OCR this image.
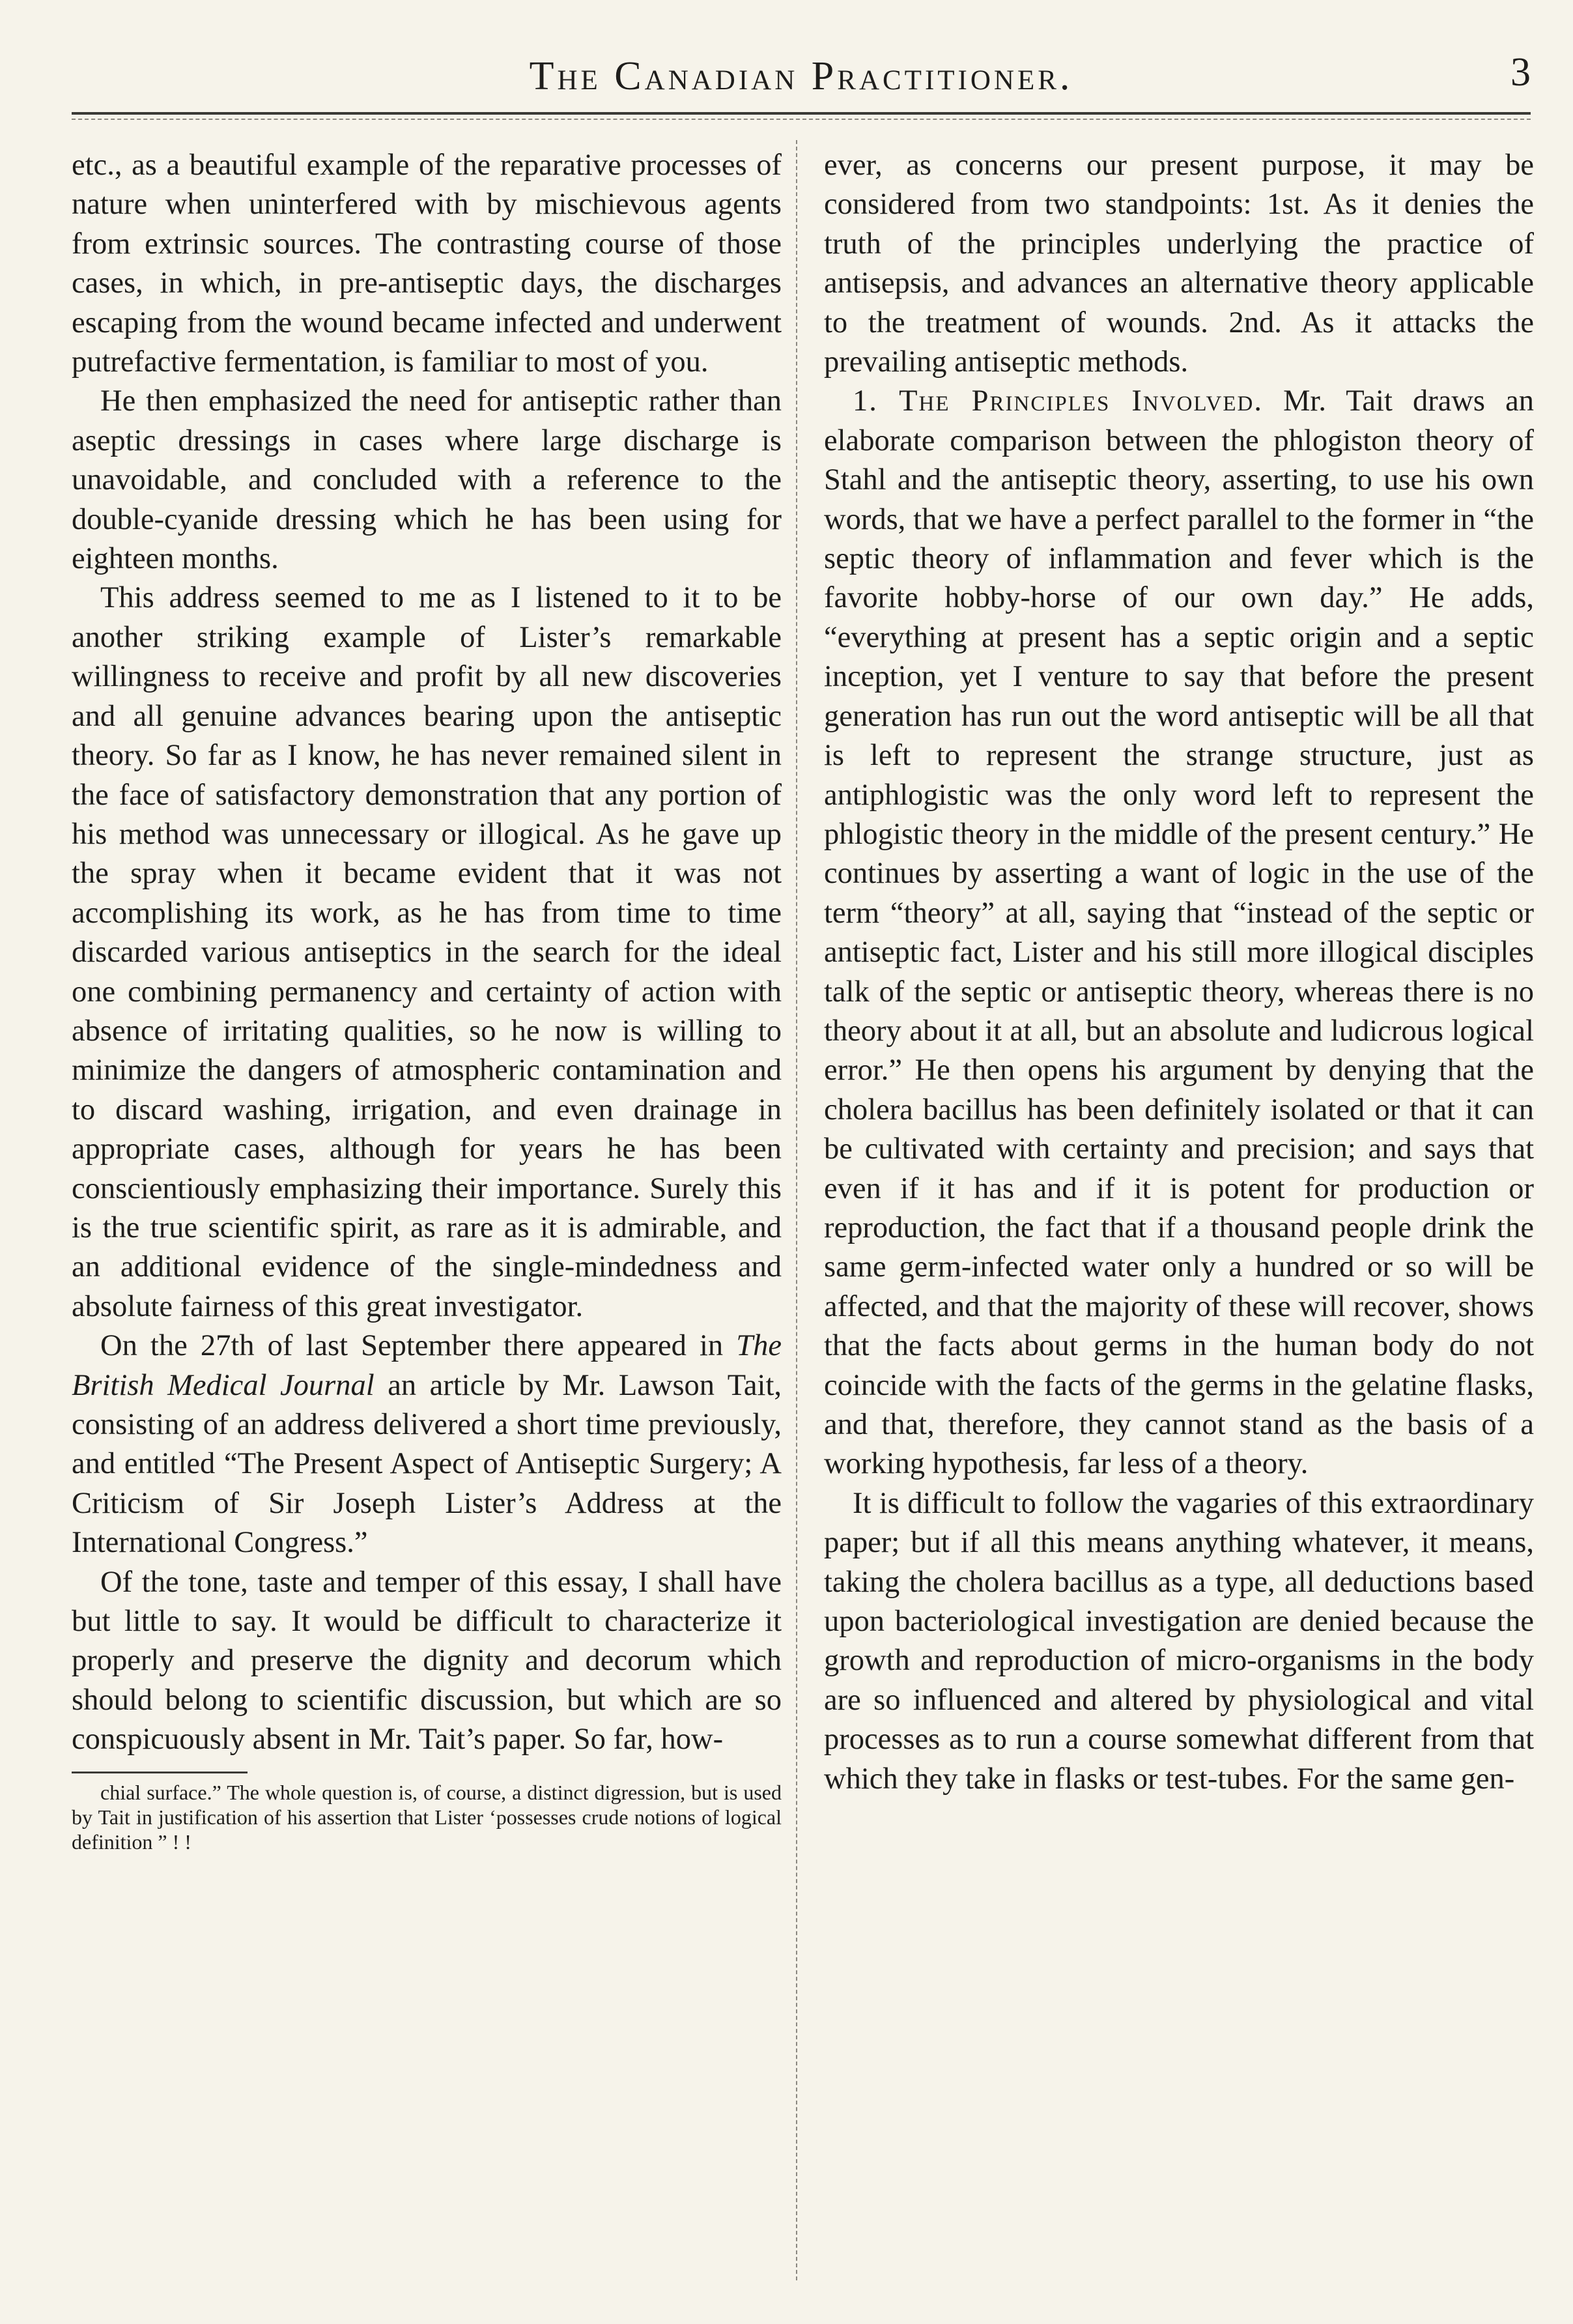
The Canadian Practitioner.	3

etc., as a beautiful example of the reparative processes of nature when uninterfered with by mischievous agents from extrinsic sources. The contrasting course of those cases, in which, in pre-antiseptic days, the discharges escaping from the wound became infected and underwent putrefactive fermentation, is familiar to most of you.

He then emphasized the need for antiseptic rather than aseptic dressings in cases where large discharge is unavoidable, and concluded with a reference to the double-cyanide dressing which he has been using for eighteen months.

This address seemed to me as I listened to it to be another striking example of Lister’s remarkable willingness to receive and profit by all new discoveries and all genuine advances bearing upon the antiseptic theory. So far as I know, he has never remained silent in the face of satisfactory demonstration that any portion of his method was unnecessary or illogical. As he gave up the spray when it became evident that it was not accomplishing its work, as he has from time to time discarded various antiseptics in the search for the ideal one combining permanency and certainty of action with absence of irritating qualities, so he now is willing to minimize the dangers of atmospheric contamination and to discard washing, irrigation, and even drainage in appropriate cases, although for years he has been conscientiously emphasizing their importance. Surely this is the true scientific spirit, as rare as it is admirable, and an additional evidence of the single-mindedness and absolute fairness of this great investigator.

On the 27th of last September there appeared in The British Medical Journal an article by Mr. Lawson Tait, consisting of an address delivered a short time previously, and entitled “The Present Aspect of Antiseptic Surgery; A Criticism of Sir Joseph Lister’s Address at the International Congress.”

Of the tone, taste and temper of this essay, I shall have but little to say. It would be difficult to characterize it properly and preserve the dignity and decorum which should belong to scientific discussion, but which are so conspicuously absent in Mr. Tait’s paper. So far, how-

chial surface.” The whole question is, of course, a distinct digression, but is used by Tait in justification of his assertion that Lister ‘possesses crude notions of logical definition ” ! !

ever, as concerns our present purpose, it may be considered from two standpoints: 1st. As it denies the truth of the principles underlying the practice of antisepsis, and advances an alternative theory applicable to the treatment of wounds. 2nd. As it attacks the prevailing antiseptic methods.

1. The Principles Involved. Mr. Tait draws an elaborate comparison between the phlogiston theory of Stahl and the antiseptic theory, asserting, to use his own words, that we have a perfect parallel to the former in “the septic theory of inflammation and fever which is the favorite hobby-horse of our own day.” He adds, “everything at present has a septic origin and a septic inception, yet I venture to say that before the present generation has run out the word antiseptic will be all that is left to represent the strange structure, just as antiphlogistic was the only word left to represent the phlogistic theory in the middle of the present century.” He continues by asserting a want of logic in the use of the term “theory” at all, saying that “instead of the septic or antiseptic fact, Lister and his still more illogical disciples talk of the septic or antiseptic theory, whereas there is no theory about it at all, but an absolute and ludicrous logical error.” He then opens his argument by denying that the cholera bacillus has been definitely isolated or that it can be cultivated with certainty and precision; and says that even if it has and if it is potent for production or reproduction, the fact that if a thousand people drink the same germ-infected water only a hundred or so will be affected, and that the majority of these will recover, shows that the facts about germs in the human body do not coincide with the facts of the germs in the gelatine flasks, and that, therefore, they cannot stand as the basis of a working hypothesis, far less of a theory.

It is difficult to follow the vagaries of this extraordinary paper; but if all this means anything whatever, it means, taking the cholera bacillus as a type, all deductions based upon bacteriological investigation are denied because the growth and reproduction of micro-organisms in the body are so influenced and altered by physiological and vital processes as to run a course somewhat different from that which they take in flasks or test-tubes. For the same gen-
